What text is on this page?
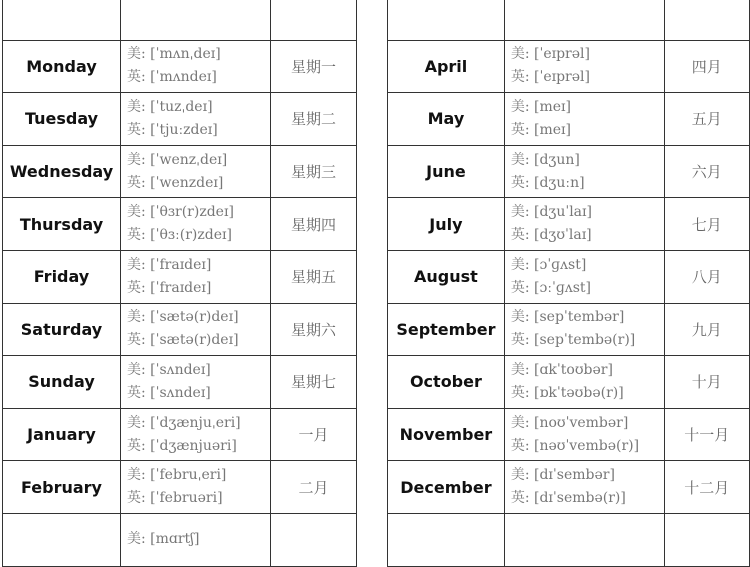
Monday	美: [ˈmʌnˌdeɪ]
英: [ˈmʌndeɪ]	星期一
Tuesday	美: [ˈtuzˌdeɪ]
英: [ˈtjuːzdeɪ]	星期二
Wednesday	美: [ˈwenzˌdeɪ]
英: [ˈwenzdeɪ]	星期三
Thursday	美: [ˈθɜr(r)zdeɪ]
英: [ˈθɜː(r)zdeɪ]	星期四
Friday	美: [ˈfraɪdeɪ]
英: [ˈfraɪdeɪ]	星期五
Saturday	美: [ˈsætə(r)deɪ]
英: [ˈsætə(r)deɪ]	星期六
Sunday	美: [ˈsʌndeɪ]
英: [ˈsʌndeɪ]	星期七
January	美: [ˈdʒænjuˌeri]
英: [ˈdʒænjuəri]	一月
February	美: [ˈfebruˌeri]
英: [ˈfebruəri]	二月

	美: [mɑrtʃ]	

April	美: [ˈeɪprəl]
英: [ˈeɪprəl]	四月
May	美: [meɪ]
英: [meɪ]	五月
June	美: [dʒun]
英: [dʒuːn]	六月
July	美: [dʒuˈlaɪ]
英: [dʒʊˈlaɪ]	七月
August	美: [ɔˈɡʌst]
英: [ɔːˈɡʌst]	八月
September	美: [sepˈtembər]
英: [sepˈtembə(r)]	九月
October	美: [ɑkˈtoʊbər]
英: [ɒkˈtəʊbə(r)]	十月
November	美: [noʊˈvembər]
英: [nəʊˈvembə(r)]	十一月
December	美: [dɪˈsembər]
英: [dɪˈsembə(r)]	十二月
